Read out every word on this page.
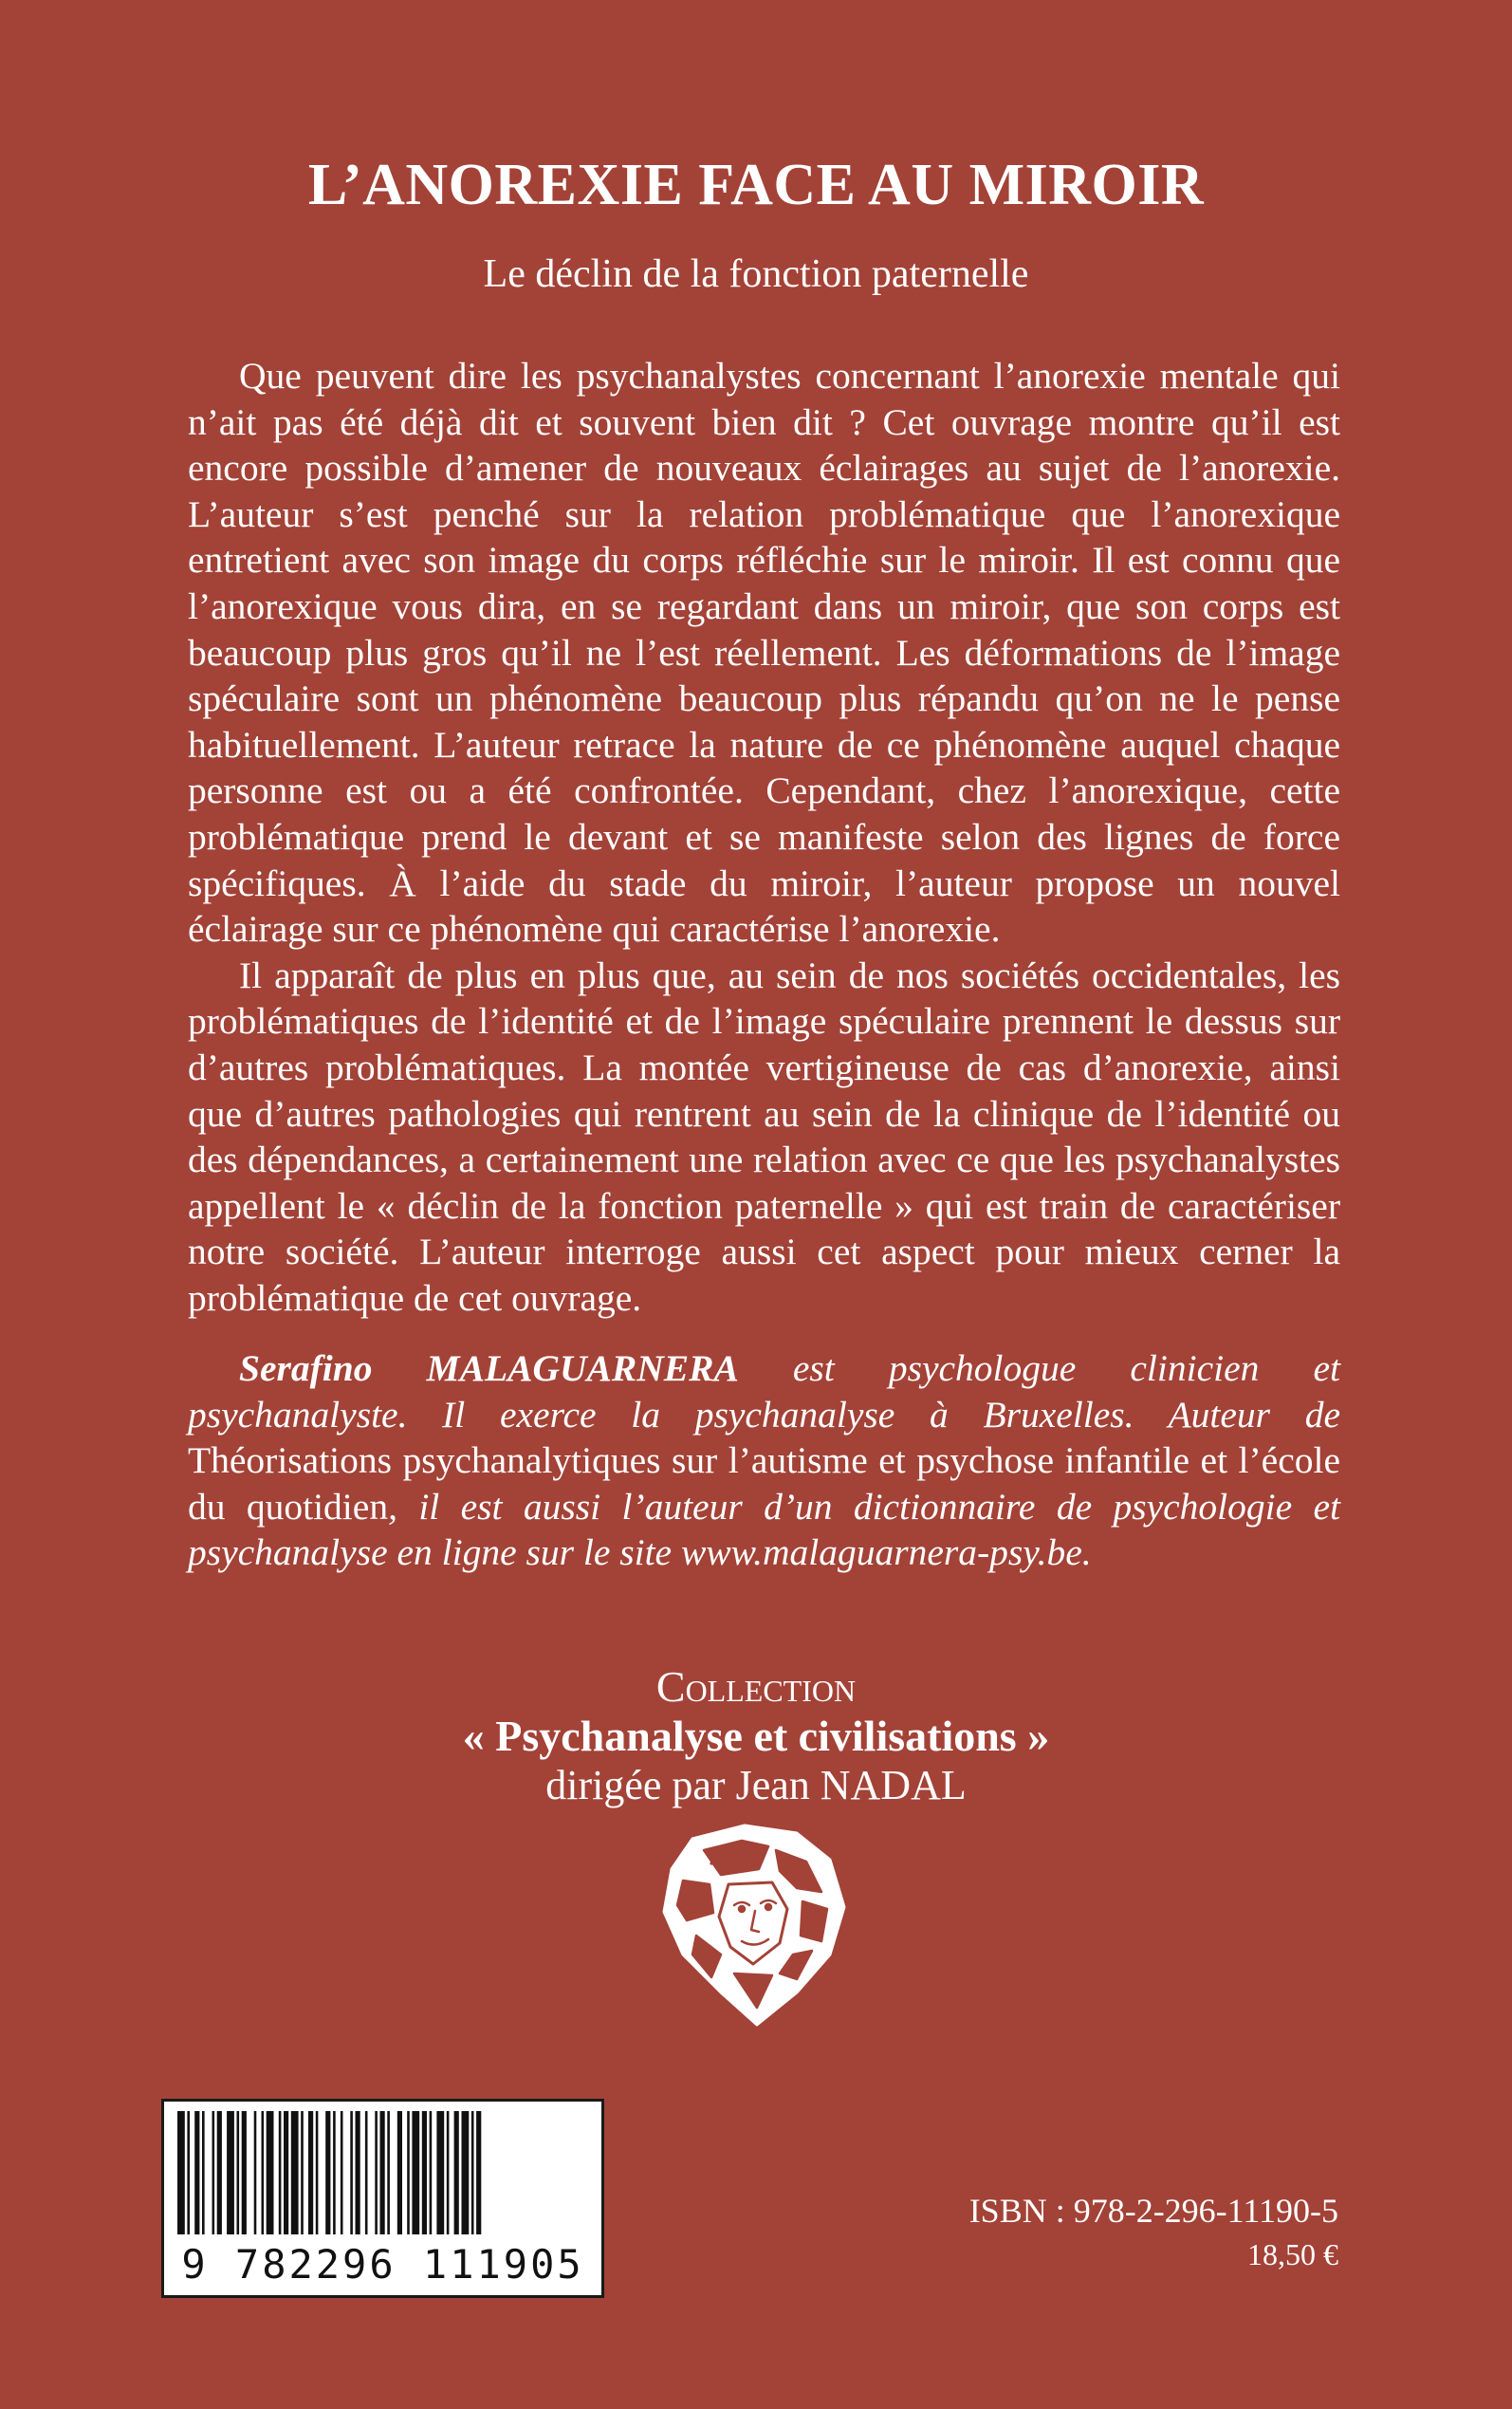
L’ANOREXIE FACE AU MIROIR
Le déclin de la fonction paternelle

Que peuvent dire les psychanalystes concernant l’anorexie mentale qui n’ait pas été déjà dit et souvent bien dit ? Cet ouvrage montre qu’il est encore possible d’amener de nouveaux éclairages au sujet de l’anorexie. L’auteur s’est penché sur la relation problématique que l’anorexique entretient avec son image du corps réfléchie sur le miroir. Il est connu que l’anorexique vous dira, en se regardant dans un miroir, que son corps est beaucoup plus gros qu’il ne l’est réellement. Les déformations de l’image spéculaire sont un phénomène beaucoup plus répandu qu’on ne le pense habituellement. L’auteur retrace la nature de ce phénomène auquel chaque personne est ou a été confrontée. Cependant, chez l’anorexique, cette problématique prend le devant et se manifeste selon des lignes de force spécifiques. À l’aide du stade du miroir, l’auteur propose un nouvel éclairage sur ce phénomène qui caractérise l’anorexie.

Il apparaît de plus en plus que, au sein de nos sociétés occidentales, les problématiques de l’identité et de l’image spéculaire prennent le dessus sur d’autres problématiques. La montée vertigineuse de cas d’anorexie, ainsi que d’autres pathologies qui rentrent au sein de la clinique de l’identité ou des dépendances, a certainement une relation avec ce que les psychanalystes appellent le « déclin de la fonction paternelle » qui est train de caractériser notre société. L’auteur interroge aussi cet aspect pour mieux cerner la problématique de cet ouvrage.

Serafino MALAGUARNERA est psychologue clinicien et psychanalyste. Il exerce la psychanalyse à Bruxelles. Auteur de Théorisations psychanalytiques sur l’autisme et psychose infantile et l’école du quotidien, il est aussi l’auteur d’un dictionnaire de psychologie et psychanalyse en ligne sur le site www.malaguarnera-psy.be.

Collection
« Psychanalyse et civilisations »
dirigée par Jean NADAL
9 782296 111905
ISBN : 978-2-296-11190-5
18,50 €
